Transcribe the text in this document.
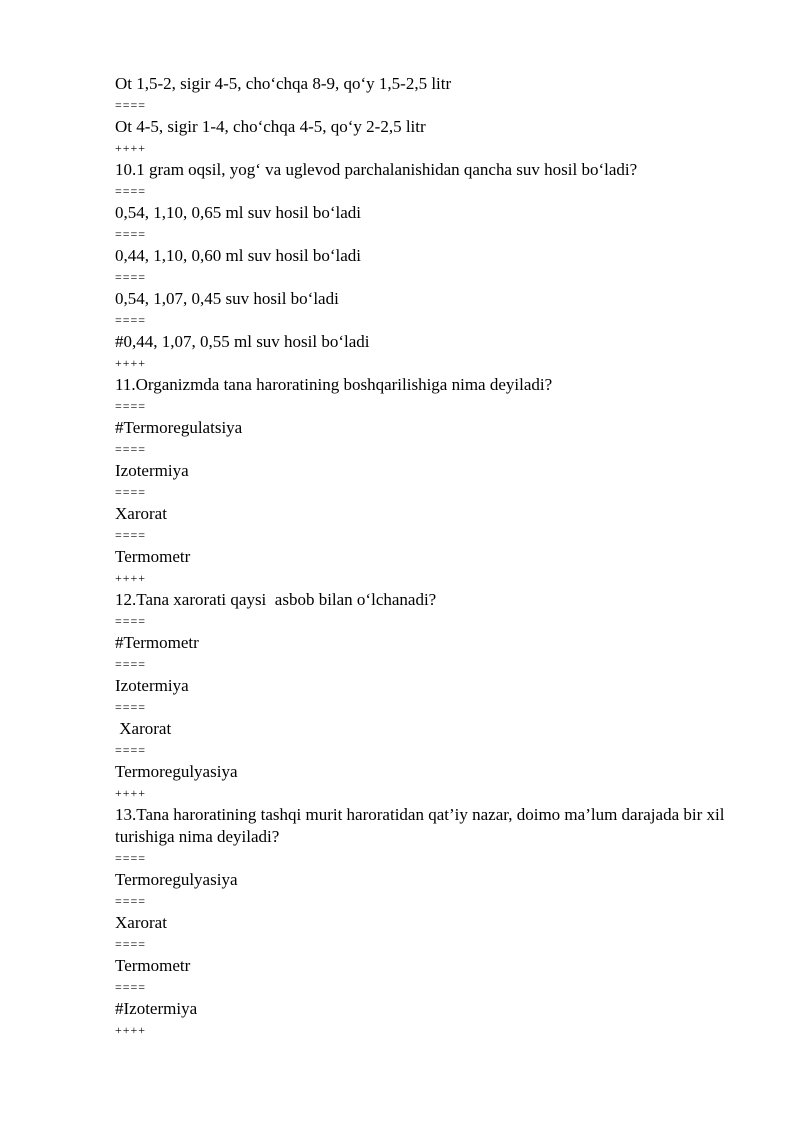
Ot 1,5-2, sigir 4-5, cho‘chqa 8-9, qo‘y 1,5-2,5 litr
====
Ot 4-5, sigir 1-4, cho‘chqa 4-5, qo‘y 2-2,5 litr
++++
10.1 gram oqsil, yog‘ va uglevod parchalanishidan qancha suv hosil bo‘ladi?
====
0,54, 1,10, 0,65 ml suv hosil bo‘ladi
====
0,44, 1,10, 0,60 ml suv hosil bo‘ladi
====
0,54, 1,07, 0,45 suv hosil bo‘ladi
====
#0,44, 1,07, 0,55 ml suv hosil bo‘ladi
++++
11.Organizmda tana haroratining boshqarilishiga nima deyiladi?
====
#Termoregulatsiya
====
Izotermiya
====
Xarorat
====
Termometr
++++
12.Tana xarorati qaysi  asbob bilan o‘lchanadi?
====
#Termometr
====
Izotermiya
====
Xarorat
====
Termoregulyasiya
++++
13.Tana haroratining tashqi murit haroratidan qat’iy nazar, doimo ma’lum darajada bir xil turishiga nima deyiladi?
====
Termoregulyasiya
====
Xarorat
====
Termometr
====
#Izotermiya
++++
